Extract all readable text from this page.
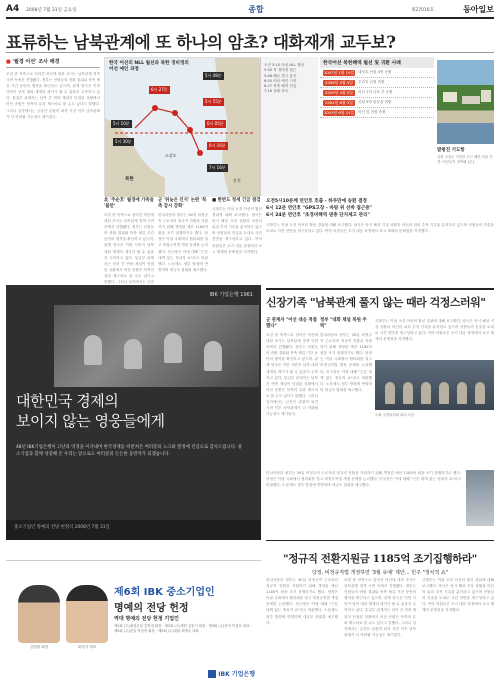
A4 2008년 7월 31일 금요일	종합	제27016호	동아일보
표류하는 남북관계에 또 하나의 암초? 대화재개 교두보?
■ '월경 어선' 조사 배경
조업 중 북측으로 넘어간 어선에 대한 조사는 남북관계 경색 국면 속에서 진행됐다. 정부는 선원들의 귀환 경위와 북측 체류 기간 동안의 행적을 확인하고 있으며, 관계 당국은 이번 사안이 남북 대화 재개의 계기가 될 수 있을지 주목하고 있다. 통일부 관계자는 남북 간 연락 채널이 단절된 상황에서 어선 송환은 북측의 유화 제스처로 볼 수도 있다고 말했다. 그러나 일각에서는 금강산 관광객 피격 사건 이후 남북관계가 더 악화될 가능성도 제기된다.
한국 어선의 NLL 월선과 북한 경비정의
어선 예인 과정
5시 10분
5시 30분
6시 27분
5시 48분
5시 55분
6시 05분
6시 16분
7시 16분
북한
소강도
옹진
오전 5:10 어선 NLL 월선
5:30 북 경비정 접근
5:48 해군 경고 통신
6:05 어선 예인 시작
6:27 북측 해역 진입
7:16 상황 종료
한국어선 북한해역 월선 및 귀환 사례
2007년 1월 19일 대성호 선원 4명 송환
2006년 5월 4일	우진호 선원 귀환
2005년 4월 5일	어선 1척 나포 후 송환
2004년 8월 3일	선원 5명 판문점 귀환
2003년 6월 14일 어선 및 선원 송환
발왕진 기도항
강원 고성군 거진항 인근 해안 마을 전경. 어선들이 정박해 있다.
北 '주순호' 월경에 가족들 '불안'
조업 중 북측으로 넘어간 어선에 대한 조사는 남북관계 경색 국면 속에서 진행됐다. 정부는 선원들의 귀환 경위와 북측 체류 기간 동안의 행적을 확인하고 있으며, 관계 당국은 이번 사안이 남북 대화 재개의 계기가 될 수 있을지 주목하고 있다. 통일부 관계자는 남북 간 연락 채널이 단절된 상황에서 어선 송환은 북측의 유화 제스처로 볼 수도 있다고 말했다. 그러나 일각에서는 금강
군 '뒤늦은 인지' 논란 '북측 감시 강화'
한나라당과 정부는 30일 비정규직 근로자의 정규직 전환을 지원하기 위해 책정된 예산 1185억 원을 조기 집행하기로 했다. 당정은 이날 국회에서 협의회를 열고 비정규직법 개정 문제를 논의했다. 민주당은 이에 대해 "근본 대책 없는 정치적 쇼"라고 비판했다. 노동계도 정부 방침에 반발하며 대규모 집회를 예고했다.
■ 한반도 정세 긴급 점검
국방부는 이날 오전 어선의 월선 경위에 대해 보고했다. 당국은 당시 해상 기상 상황과 어선의 위치 추적 기록을 분석하고 있으며 선원들의 진술을 토대로 사건 전반을 재구성하고 있다. 여야 의원들은 초기 대응 과정에서 보고 체계의 문제점을 지적했다.
오전5시10분께 연안호 호출 - 하루만에 송환 결정
6시 12분 연안호 "GPS고장 - 바람 위 선박 접근중"
6시 24분 연안호 "초경비해역 댄충 단지제고 관리"
국방부는 이날 오전 어선의 월선 경위에 대해 보고했다. 당국은 당시 해상 기상 상황과 어선의 위치 추적 기록을 분석하고 있으며 선원들의 진술을 토대로 사건 전반을 재구성하고 있다. 여야 의원들은 초기 대응 과정에서 보고 체계의 문제점을 지적했다.
IBK 기업은행 1961
대한민국 경제의
보이지 않는 영웅들에게
48년 IBK기업은행이 고난과 역경을 이겨내며 한국경제를 떠받쳐온 여러분의 노고와 열정에 진심으로 감사드립니다. 중소기업과 함께 성장해 온 우리는 앞으로도 여러분의 든든한 동반자가 되겠습니다.
중소기업인 명예의 전당 헌정식 2008년 7월 31일
김영환 회장	최영식 대표
제6회 IBK 중소기업인
명예의 전당 헌정
역대 명예의 전당 헌정 기업인
제1회 (주)대성산업 김영대 회장 · 제2회 (주)세원 김문기 회장 · 제3회 (주)동아 이창호 대표 · 제4회 (주)한일 박상현 회장 · 제5회 (주)대원 최병수 대표
IBK 기업은행
신장기족 "남북관계 풀지 않는 때라 걱정스러워"
군 관계자 "어선 대응 적절했다"
조업 중 북측으로 넘어간 어선에 대한 조사는 남북관계 경색 국면 속에서 진행됐다. 정부는 선원들의 귀환 경위와 북측 체류 기간 동안의 행적을 확인하고 있으며, 관계 당국은 이번 사안이 남북 대화 재개의 계기가 될 수 있을지 주목하고 있다. 통일부 관계자는 남북 간 연락 채널이 단절된 상황에서 어선 송환은 북측의 유화 제스처로 볼 수도 있다고 말했다. 그러나 일각에서는 금강산 관광객 피격 사건 이후 남북관계가 더 악화될 가능성도 제기된다.
정부 "대화 채널 복원 주력"
한나라당과 정부는 30일 비정규직 근로자의 정규직 전환을 지원하기 위해 책정된 예산 1185억 원을 조기 집행하기로 했다. 당정은 이날 국회에서 협의회를 열고 비정규직법 개정 문제를 논의했다. 민주당은 이에 대해 "근본 대책 없는 정치적 쇼"라고 비판했다. 노동계도 정부 방침에 반발하며 대규모 집회를 예고했다.
국방부는 이날 오전 어선의 월선 경위에 대해 보고했다. 당국은 당시 해상 기상 상황과 어선의 위치 추적 기록을 분석하고 있으며 선원들의 진술을 토대로 사건 전반을 재구성하고 있다. 여야 의원들은 초기 대응 과정에서 보고 체계의 문제점을 지적했다.
국회 국방위원회 회의 모습
한나라당과 정부는 30일 비정규직 근로자의 정규직 전환을 지원하기 위해 책정된 예산 1185억 원을 조기 집행하기로 했다. 당정은 이날 국회에서 협의회를 열고 비정규직법 개정 문제를 논의했다. 민주당은 이에 대해 "근본 대책 없는 정치적 쇼"라고 비판했다. 노동계도 정부 방침에 반발하며 대규모 집회를 예고했다.
"정규직 전환지원금 1185억 조기집행하라"
당정, 비정규직법 개정하면 '3월 유예' 제안… 민주 "정치적 쇼"
한나라당과 정부는 30일 비정규직 근로자의 정규직 전환을 지원하기 위해 책정된 예산 1185억 원을 조기 집행하기로 했다. 당정은 이날 국회에서 협의회를 열고 비정규직법 개정 문제를 논의했다. 민주당은 이에 대해 "근본 대책 없는 정치적 쇼"라고 비판했다. 노동계도 정부 방침에 반발하며 대규모 집회를 예고했다.
조업 중 북측으로 넘어간 어선에 대한 조사는 남북관계 경색 국면 속에서 진행됐다. 정부는 선원들의 귀환 경위와 북측 체류 기간 동안의 행적을 확인하고 있으며, 관계 당국은 이번 사안이 남북 대화 재개의 계기가 될 수 있을지 주목하고 있다. 통일부 관계자는 남북 간 연락 채널이 단절된 상황에서 어선 송환은 북측의 유화 제스처로 볼 수도 있다고 말했다. 그러나 일각에서는 금강산 관광객 피격 사건 이후 남북관계가 더 악화될 가능성도 제기된다.
국방부는 이날 오전 어선의 월선 경위에 대해 보고했다. 당국은 당시 해상 기상 상황과 어선의 위치 추적 기록을 분석하고 있으며 선원들의 진술을 토대로 사건 전반을 재구성하고 있다. 여야 의원들은 초기 대응 과정에서 보고 체계의 문제점을 지적했다.
